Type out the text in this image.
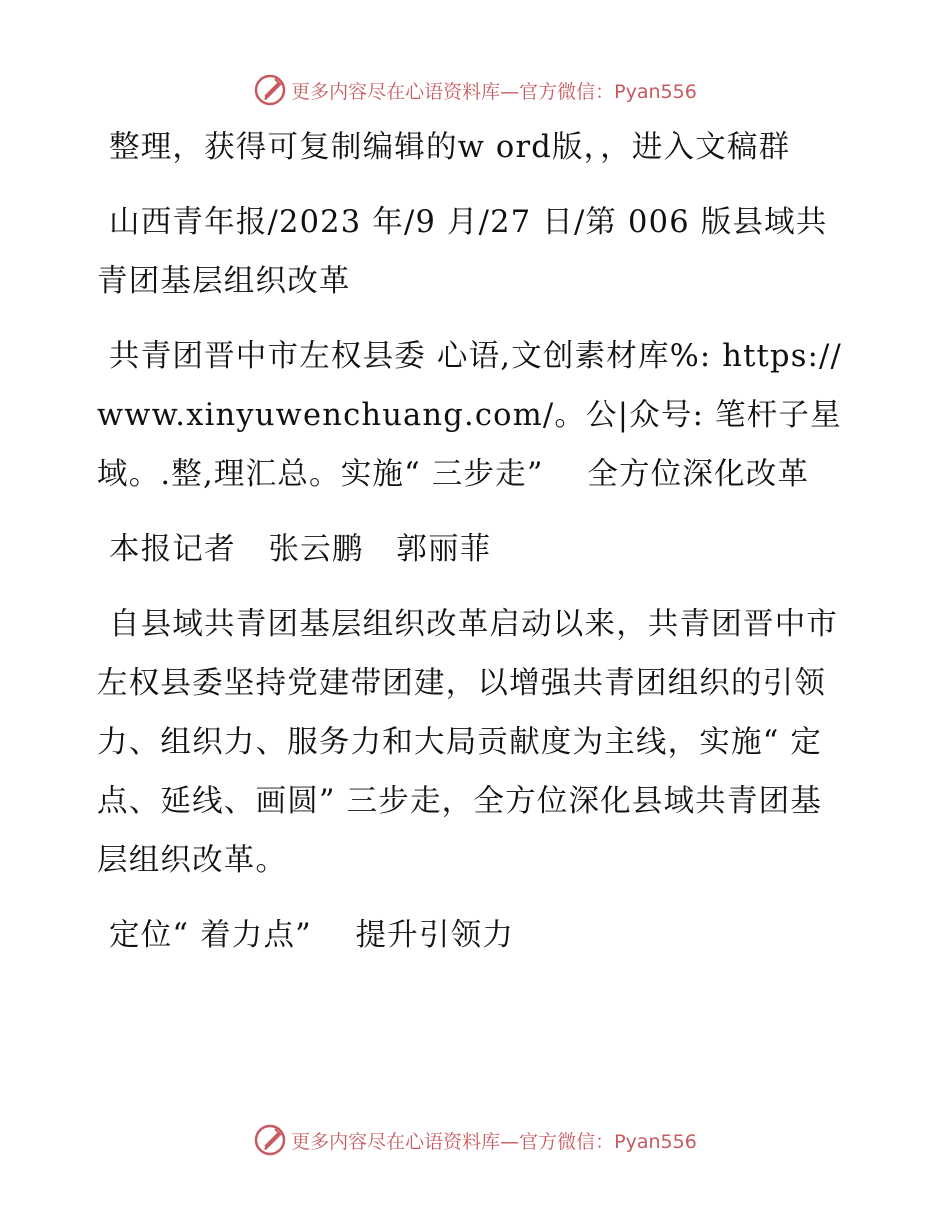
更多内容尽在心语资料库—官方微信：Pyan556

整理，获得可复制编辑的w ord版，，进入文稿群

山西青年报/2023 年/9 月/27 日/第 006 版县域共青团基层组织改革

共青团晋中市左权县委 心语,文创素材库%: https://www.xinyuwenchuang.com/。公|众号: 笔杆子星域。.整,理汇总。实施“ 三步走”    全方位深化改革

本报记者   张云鹏   郭丽菲

自县域共青团基层组织改革启动以来，共青团晋中市左权县委坚持党建带团建，以增强共青团组织的引领力、组织力、服务力和大局贡献度为主线，实施“ 定点、延线、画圆” 三步走，全方位深化县域共青团基层组织改革。

定位“ 着力点”    提升引领力

更多内容尽在心语资料库—官方微信：Pyan556
